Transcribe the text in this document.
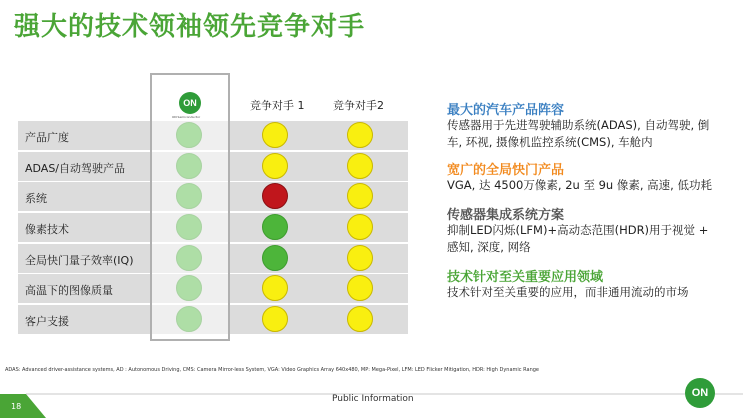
强大的技术领袖领先竞争对手
产品广度
ADAS/自动驾驶产品
系统
像素技术
全局快门量子效率(IQ)
高温下的图像质量
客户支援
ON
ON Semiconductor
竞争对手 1	竞争对手2	最大的汽车产品阵容
传感器用于先进驾驶辅助系统(ADAS), 自动驾驶, 倒
车, 环视, 摄像机监控系统(CMS), 车舱内
宽广的全局快门产品
VGA, 达 4500万像素, 2u 至 9u 像素, 高速, 低功耗
传感器集成系统方案
抑制LED闪烁(LFM)+高动态范围(HDR)用于视觉 +
感知, 深度, 网络
技术针对至关重要应用领域
技术针对至关重要的应用，而非通用流动的市场
ADAS: Advanced driver-assistance systems, AD : Autonomous Driving, CMS: Camera Mirror-less System, VGA: Video Graphics Array 640x480, MP: Mega-Pixel, LFM: LED Flicker Mitigation, HDR: High Dynamic Range
18
Public Information	ON
